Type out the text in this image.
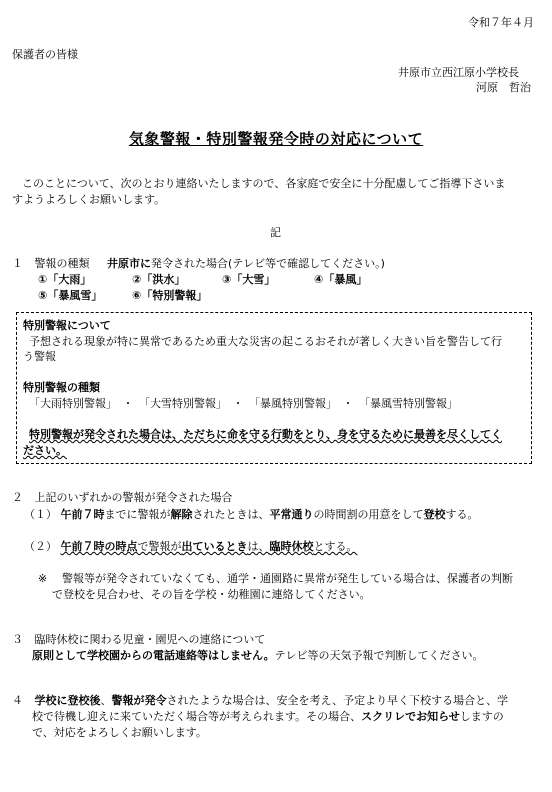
令和７年４月
保護者の皆様
井原市立西江原小学校長
河原　哲治
気象警報・特別警報発令時の対応について
このことについて、次のとおり連絡いたしますので、各家庭で安全に十分配慮してご指導下さいま
すようよろしくお願いします。
記
１ 警報の種類 井原市に発令された場合(テレビ等で確認してください。)
①「大雨」	②「洪水」	③「大雪」	④「暴風」
⑤「暴風雪」	⑥「特別警報」
特別警報について
予想される現象が特に異常であるため重大な災害の起こるおそれが著しく大きい旨を警告して行
う警報
特別警報の種類
「大雨特別警報」　・　「大雪特別警報」　・　「暴風特別警報」　・　「暴風雪特別警報」
特別警報が発令された場合は、ただちに命を守る行動をとり、身を守るために最善を尽くしてく
ださい。
２ 上記のいずれかの警報が発令された場合
（１） 午前７時までに警報が解除されたときは、平常通りの時間割の用意をして登校する。
（２） 午前７時の時点で警報が出ているときは、臨時休校とする。
※ 警報等が発令されていなくても、通学・通園路に異常が発生している場合は、保護者の判断
で登校を見合わせ、その旨を学校・幼稚園に連絡してください。
３ 臨時休校に関わる児童・園児への連絡について
原則として学校園からの電話連絡等はしません。テレビ等の天気予報で判断してください。
４ 学校に登校後、警報が発令されたような場合は、安全を考え、予定より早く下校する場合と、学
校で待機し迎えに来ていただく場合等が考えられます。その場合、スクリレでお知らせしますの
で、対応をよろしくお願いします。
